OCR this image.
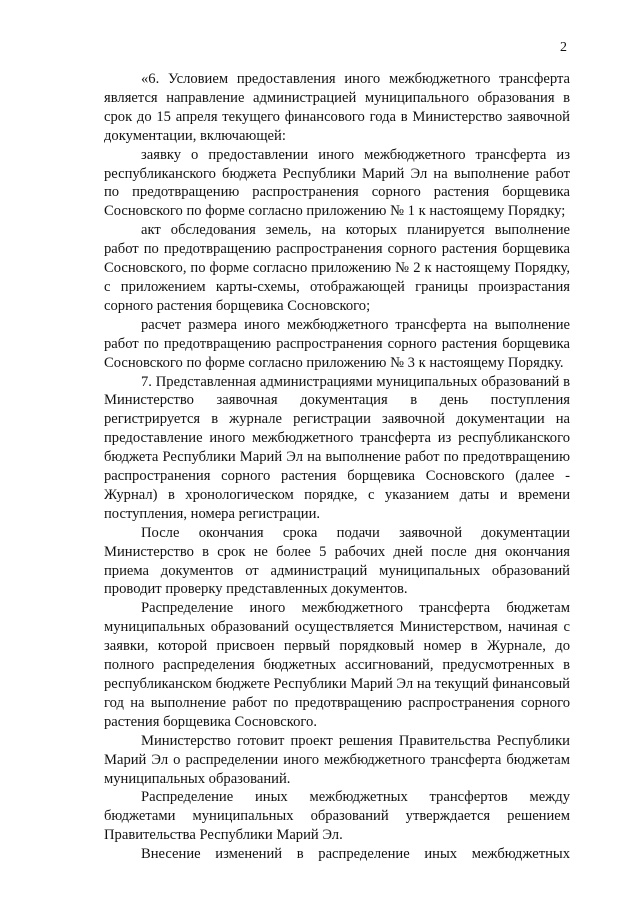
2

«6. Условием предоставления иного межбюджетного трансферта является направление администрацией муниципального образования в срок до 15 апреля текущего финансового года в Министерство заявочной документации, включающей:

заявку о предоставлении иного межбюджетного трансферта из республиканского бюджета Республики Марий Эл на выполнение работ по предотвращению распространения сорного растения борщевика Сосновского по форме согласно приложению № 1 к настоящему Порядку;

акт обследования земель, на которых планируется выполнение работ по предотвращению распространения сорного растения борщевика Сосновского, по форме согласно приложению № 2 к настоящему Порядку, с приложением карты-схемы, отображающей границы произрастания сорного растения борщевика Сосновского;

расчет размера иного межбюджетного трансферта на выполнение работ по предотвращению распространения сорного растения борщевика Сосновского по форме согласно приложению № 3 к настоящему Порядку.

7. Представленная администрациями муниципальных образований в Министерство заявочная документация в день поступления регистрируется в журнале регистрации заявочной документации на предоставление иного межбюджетного трансферта из республиканского бюджета Республики Марий Эл на выполнение работ по предотвращению распространения сорного растения борщевика Сосновского (далее - Журнал) в хронологическом порядке, с указанием даты и времени поступления, номера регистрации.

После окончания срока подачи заявочной документации Министерство в срок не более 5 рабочих дней после дня окончания приема документов от администраций муниципальных образований проводит проверку представленных документов.

Распределение иного межбюджетного трансферта бюджетам муниципальных образований осуществляется Министерством, начиная с заявки, которой присвоен первый порядковый номер в Журнале, до полного распределения бюджетных ассигнований, предусмотренных в республиканском бюджете Республики Марий Эл на текущий финансовый год на выполнение работ по предотвращению распространения сорного растения борщевика Сосновского.

Министерство готовит проект решения Правительства Республики Марий Эл о распределении иного межбюджетного трансферта бюджетам муниципальных образований.

Распределение иных межбюджетных трансфертов между бюджетами муниципальных образований утверждается решением Правительства Республики Марий Эл.

Внесение изменений в распределение иных межбюджетных
